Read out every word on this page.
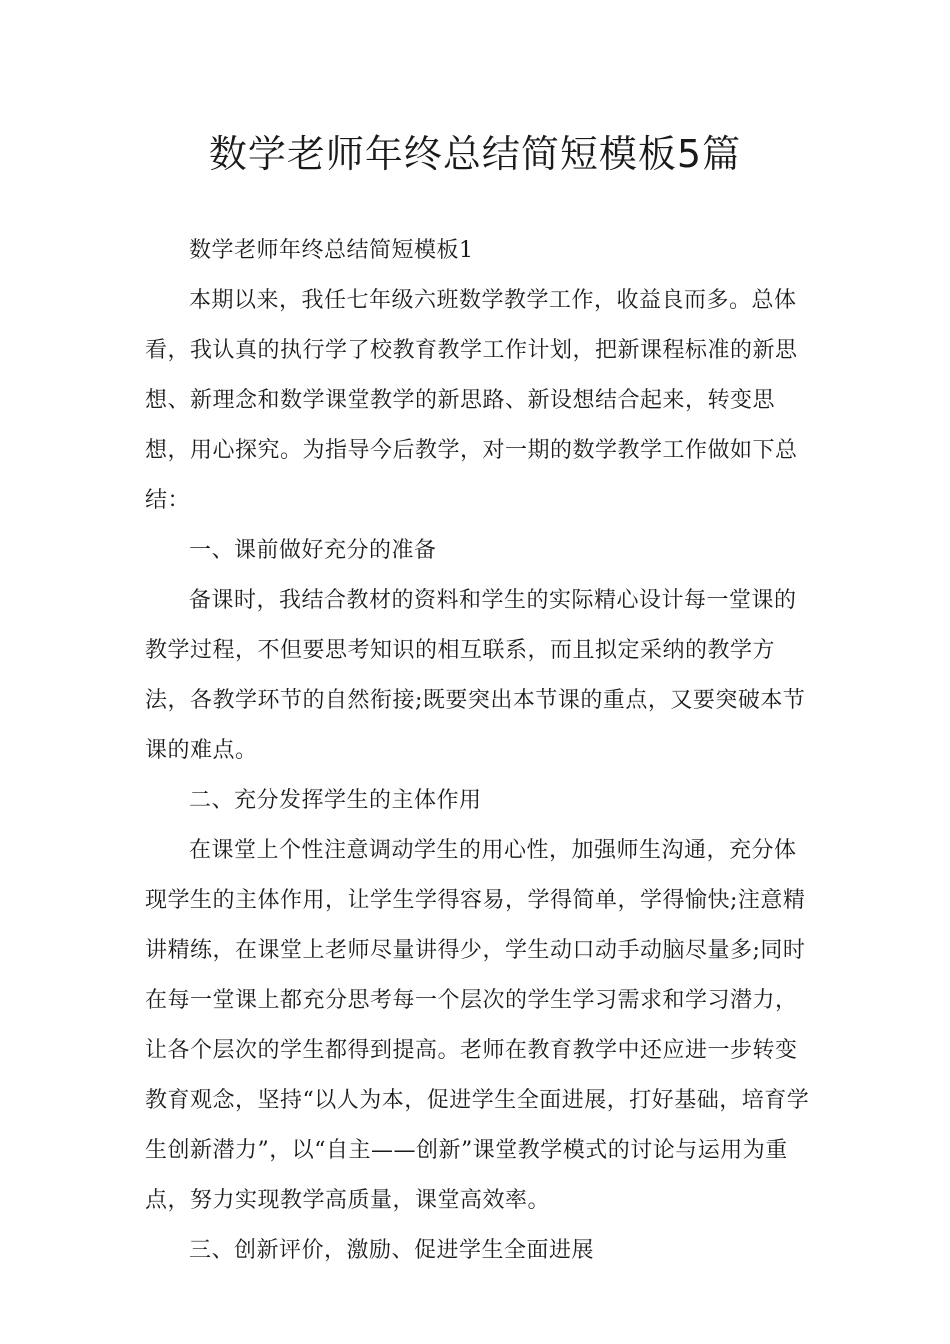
数学老师年终总结简短模板5篇

数学老师年终总结简短模板1

本期以来，我任七年级六班数学教学工作，收益良而多。总体看，我认真的执行学了校教育教学工作计划，把新课程标准的新思想、新理念和数学课堂教学的新思路、新设想结合起来，转变思想，用心探究。为指导今后教学，对一期的数学教学工作做如下总结：

一、课前做好充分的准备

备课时，我结合教材的资料和学生的实际精心设计每一堂课的教学过程，不但要思考知识的相互联系，而且拟定采纳的教学方法，各教学环节的自然衔接;既要突出本节课的重点，又要突破本节课的难点。

二、充分发挥学生的主体作用

在课堂上个性注意调动学生的用心性，加强师生沟通，充分体现学生的主体作用，让学生学得容易，学得简单，学得愉快;注意精讲精练，在课堂上老师尽量讲得少，学生动口动手动脑尽量多;同时在每一堂课上都充分思考每一个层次的学生学习需求和学习潜力，让各个层次的学生都得到提高。老师在教育教学中还应进一步转变教育观念，坚持“以人为本，促进学生全面进展，打好基础，培育学生创新潜力”，以“自主——创新”课堂教学模式的讨论与运用为重点，努力实现教学高质量，课堂高效率。

三、创新评价，激励、促进学生全面进展
